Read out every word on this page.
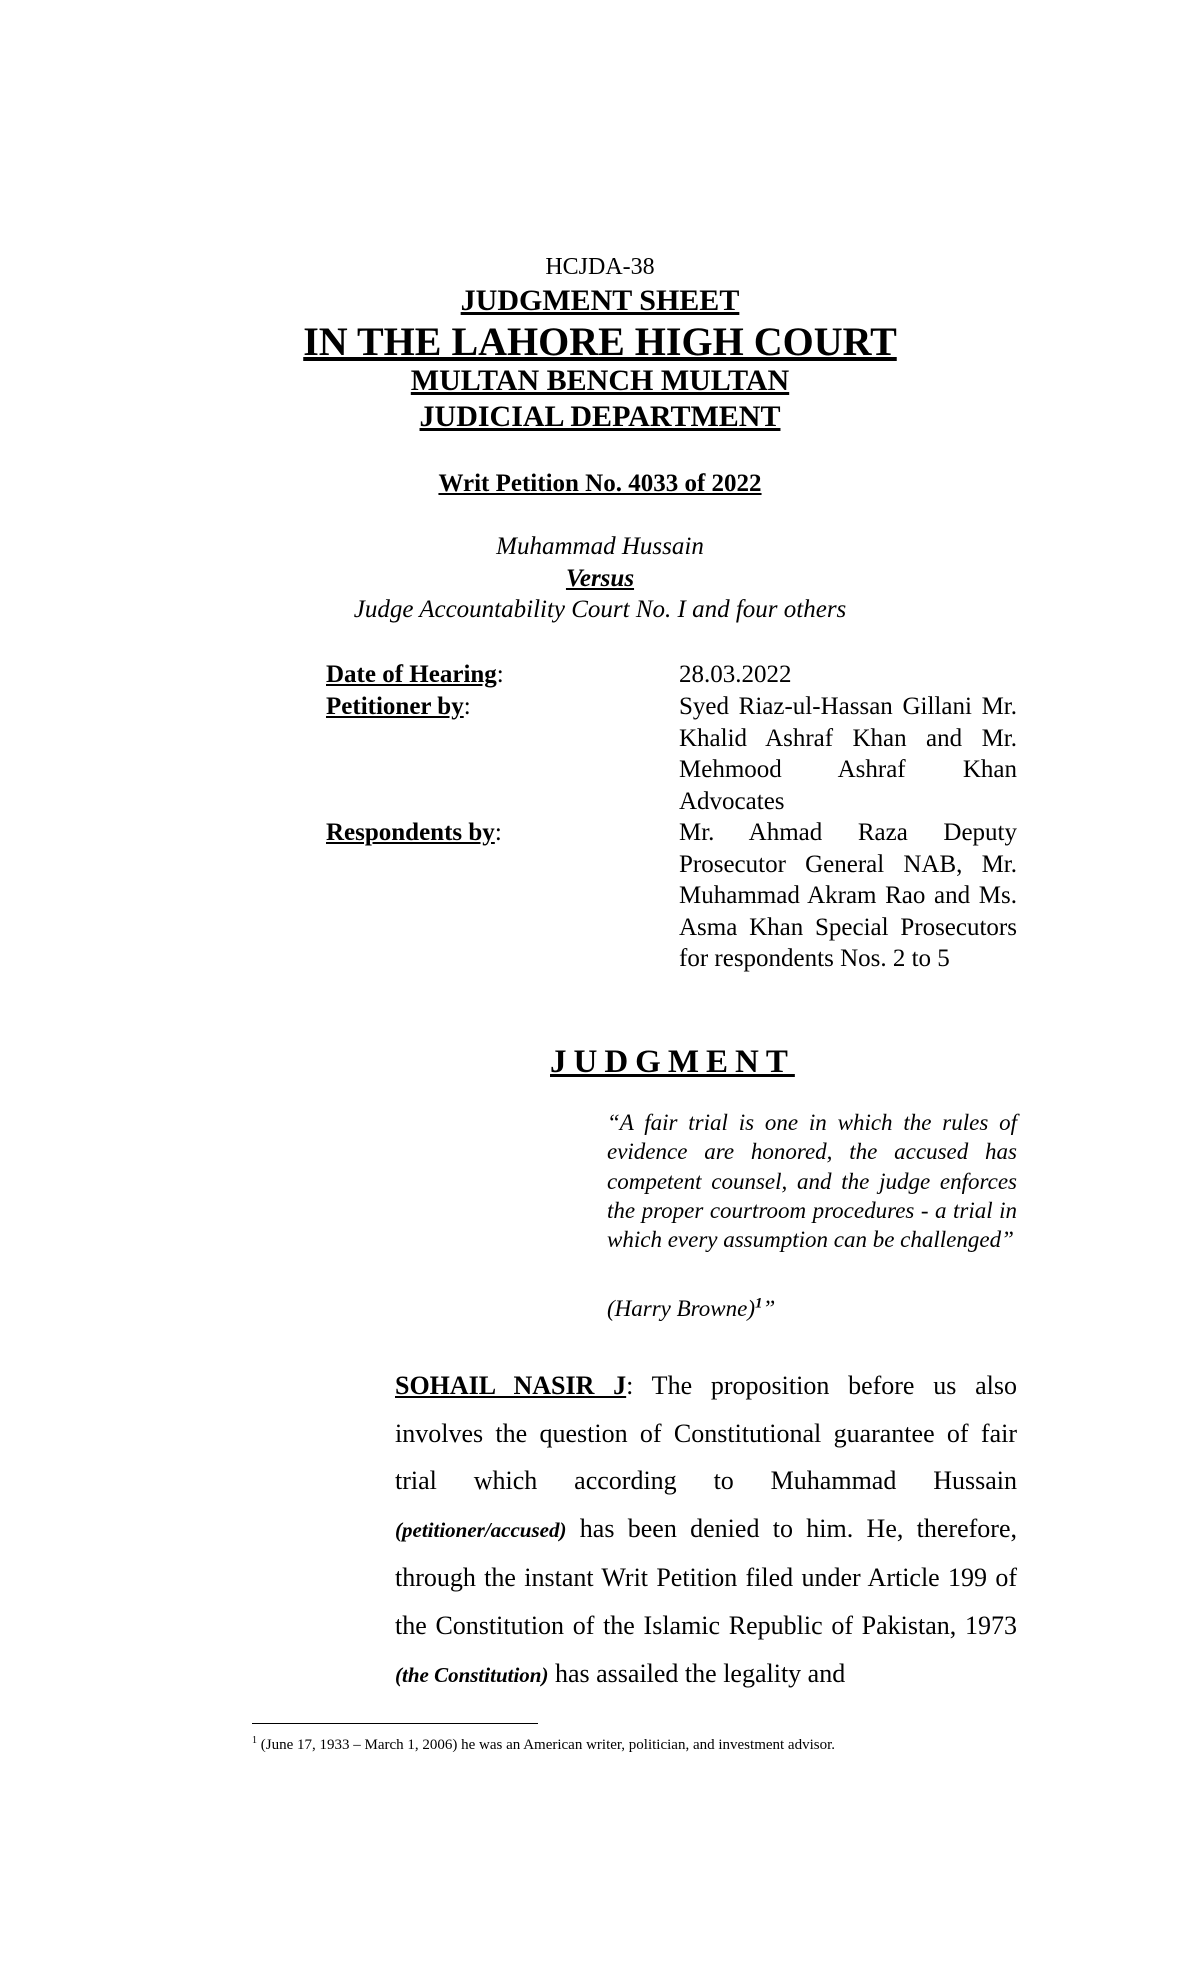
HCJDA-38
JUDGMENT SHEET
IN THE LAHORE HIGH COURT
MULTAN BENCH MULTAN
JUDICIAL DEPARTMENT
Writ Petition No. 4033 of 2022
Muhammad Hussain
Versus
Judge Accountability Court No. I and four others
Date of Hearing:	28.03.2022
Petitioner by:	Syed Riaz-ul-Hassan Gillani Mr. Khalid Ashraf Khan and Mr. Mehmood Ashraf Khan Advocates
Respondents by:	Mr. Ahmad Raza Deputy Prosecutor General NAB, Mr. Muhammad Akram Rao and Ms. Asma Khan Special Prosecutors for respondents Nos. 2 to 5
JUDGMENT
“A fair trial is one in which the rules of evidence are honored, the accused has competent counsel, and the judge enforces the proper courtroom procedures - a trial in which every assumption can be challenged”
(Harry Browne)$^1$”
SOHAIL NASIR J: The proposition before us also involves the question of Constitutional guarantee of fair trial which according to Muhammad Hussain (petitioner/accused) has been denied to him. He, therefore, through the instant Writ Petition filed under Article 199 of the Constitution of the Islamic Republic of Pakistan, 1973 (the Constitution) has assailed the legality and
$^1$ (June 17, 1933 – March 1, 2006) he was an American writer, politician, and investment advisor.
